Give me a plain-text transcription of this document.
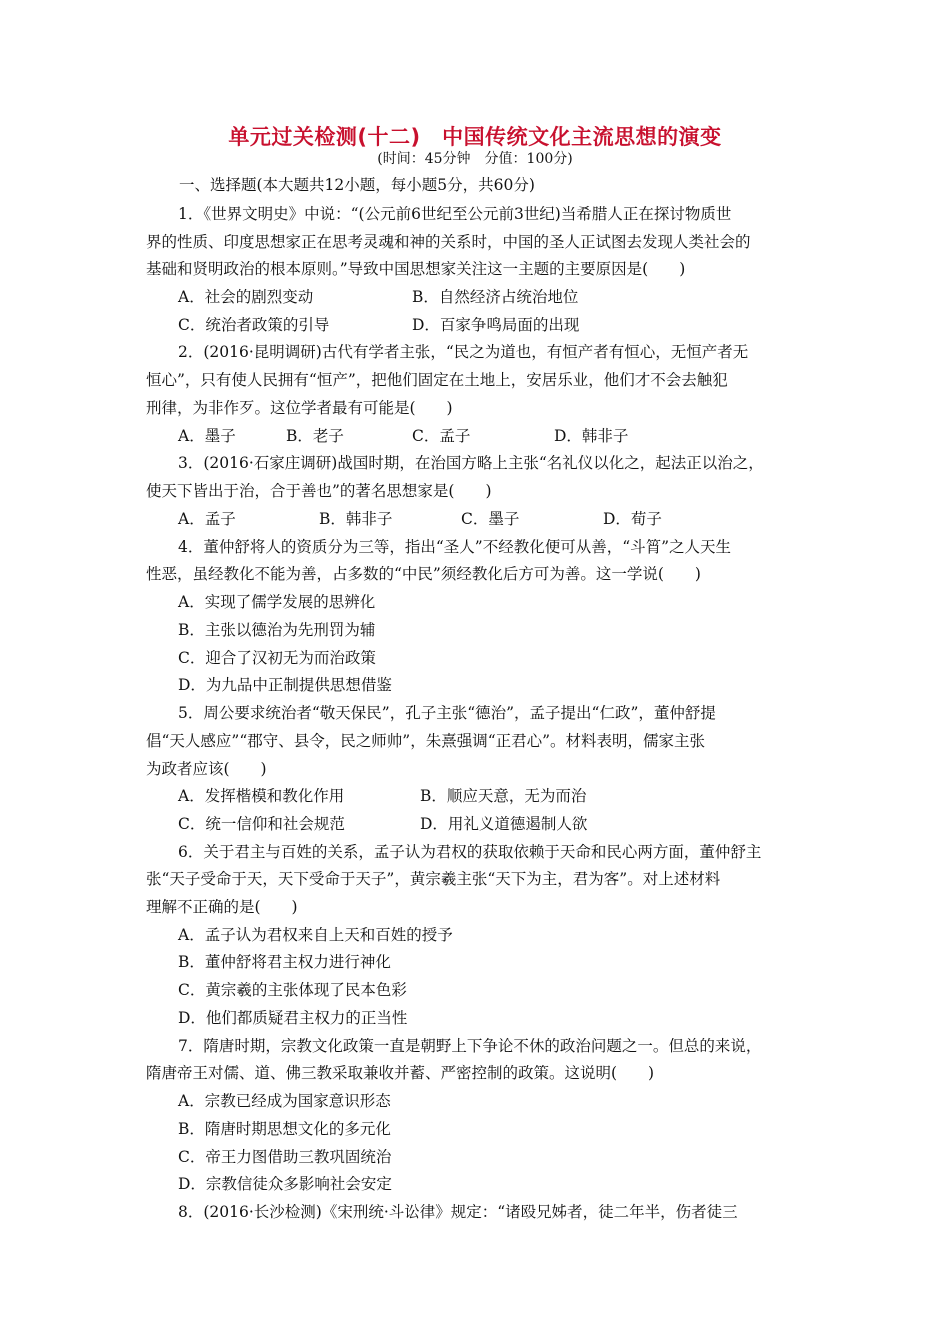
单元过关检测(十二)　中国传统文化主流思想的演变
(时间：45分钟　分值：100分)
一、选择题(本大题共12小题，每小题5分，共60分)
1．《世界文明史》中说：“(公元前6世纪至公元前3世纪)当希腊人正在探讨物质世
界的性质、印度思想家正在思考灵魂和神的关系时，中国的圣人正试图去发现人类社会的
基础和贤明政治的根本原则。”导致中国思想家关注这一主题的主要原因是(　　)
A．社会的剧烈变动	B．自然经济占统治地位
C．统治者政策的引导	D．百家争鸣局面的出现
2．(2016·昆明调研)古代有学者主张，“民之为道也，有恒产者有恒心，无恒产者无
恒心”，只有使人民拥有“恒产”，把他们固定在土地上，安居乐业，他们才不会去触犯
刑律，为非作歹。这位学者最有可能是(　　)
A．墨子	B．老子	C．孟子	D．韩非子
3．(2016·石家庄调研)战国时期，在治国方略上主张“名礼仪以化之，起法正以治之，
使天下皆出于治，合于善也”的著名思想家是(　　)
A．孟子	B．韩非子	C．墨子	D．荀子
4．董仲舒将人的资质分为三等，指出“圣人”不经教化便可从善，“斗筲”之人天生
性恶，虽经教化不能为善，占多数的“中民”须经教化后方可为善。这一学说(　　)
A．实现了儒学发展的思辨化
B．主张以德治为先刑罚为辅
C．迎合了汉初无为而治政策
D．为九品中正制提供思想借鉴
5．周公要求统治者“敬天保民”，孔子主张“德治”，孟子提出“仁政”，董仲舒提
倡“天人感应”“郡守、县令，民之师帅”，朱熹强调“正君心”。材料表明，儒家主张
为政者应该(　　)
A．发挥楷模和教化作用	B．顺应天意，无为而治
C．统一信仰和社会规范	D．用礼义道德遏制人欲
6．关于君主与百姓的关系，孟子认为君权的获取依赖于天命和民心两方面，董仲舒主
张“天子受命于天，天下受命于天子”，黄宗羲主张“天下为主，君为客”。对上述材料
理解不正确的是(　　)
A．孟子认为君权来自上天和百姓的授予
B．董仲舒将君主权力进行神化
C．黄宗羲的主张体现了民本色彩
D．他们都质疑君主权力的正当性
7．隋唐时期，宗教文化政策一直是朝野上下争论不休的政治问题之一。但总的来说，
隋唐帝王对儒、道、佛三教采取兼收并蓄、严密控制的政策。这说明(　　)
A．宗教已经成为国家意识形态
B．隋唐时期思想文化的多元化
C．帝王力图借助三教巩固统治
D．宗教信徒众多影响社会安定
8．(2016·长沙检测)《宋刑统·斗讼律》规定：“诸殴兄姊者，徒二年半，伤者徒三
